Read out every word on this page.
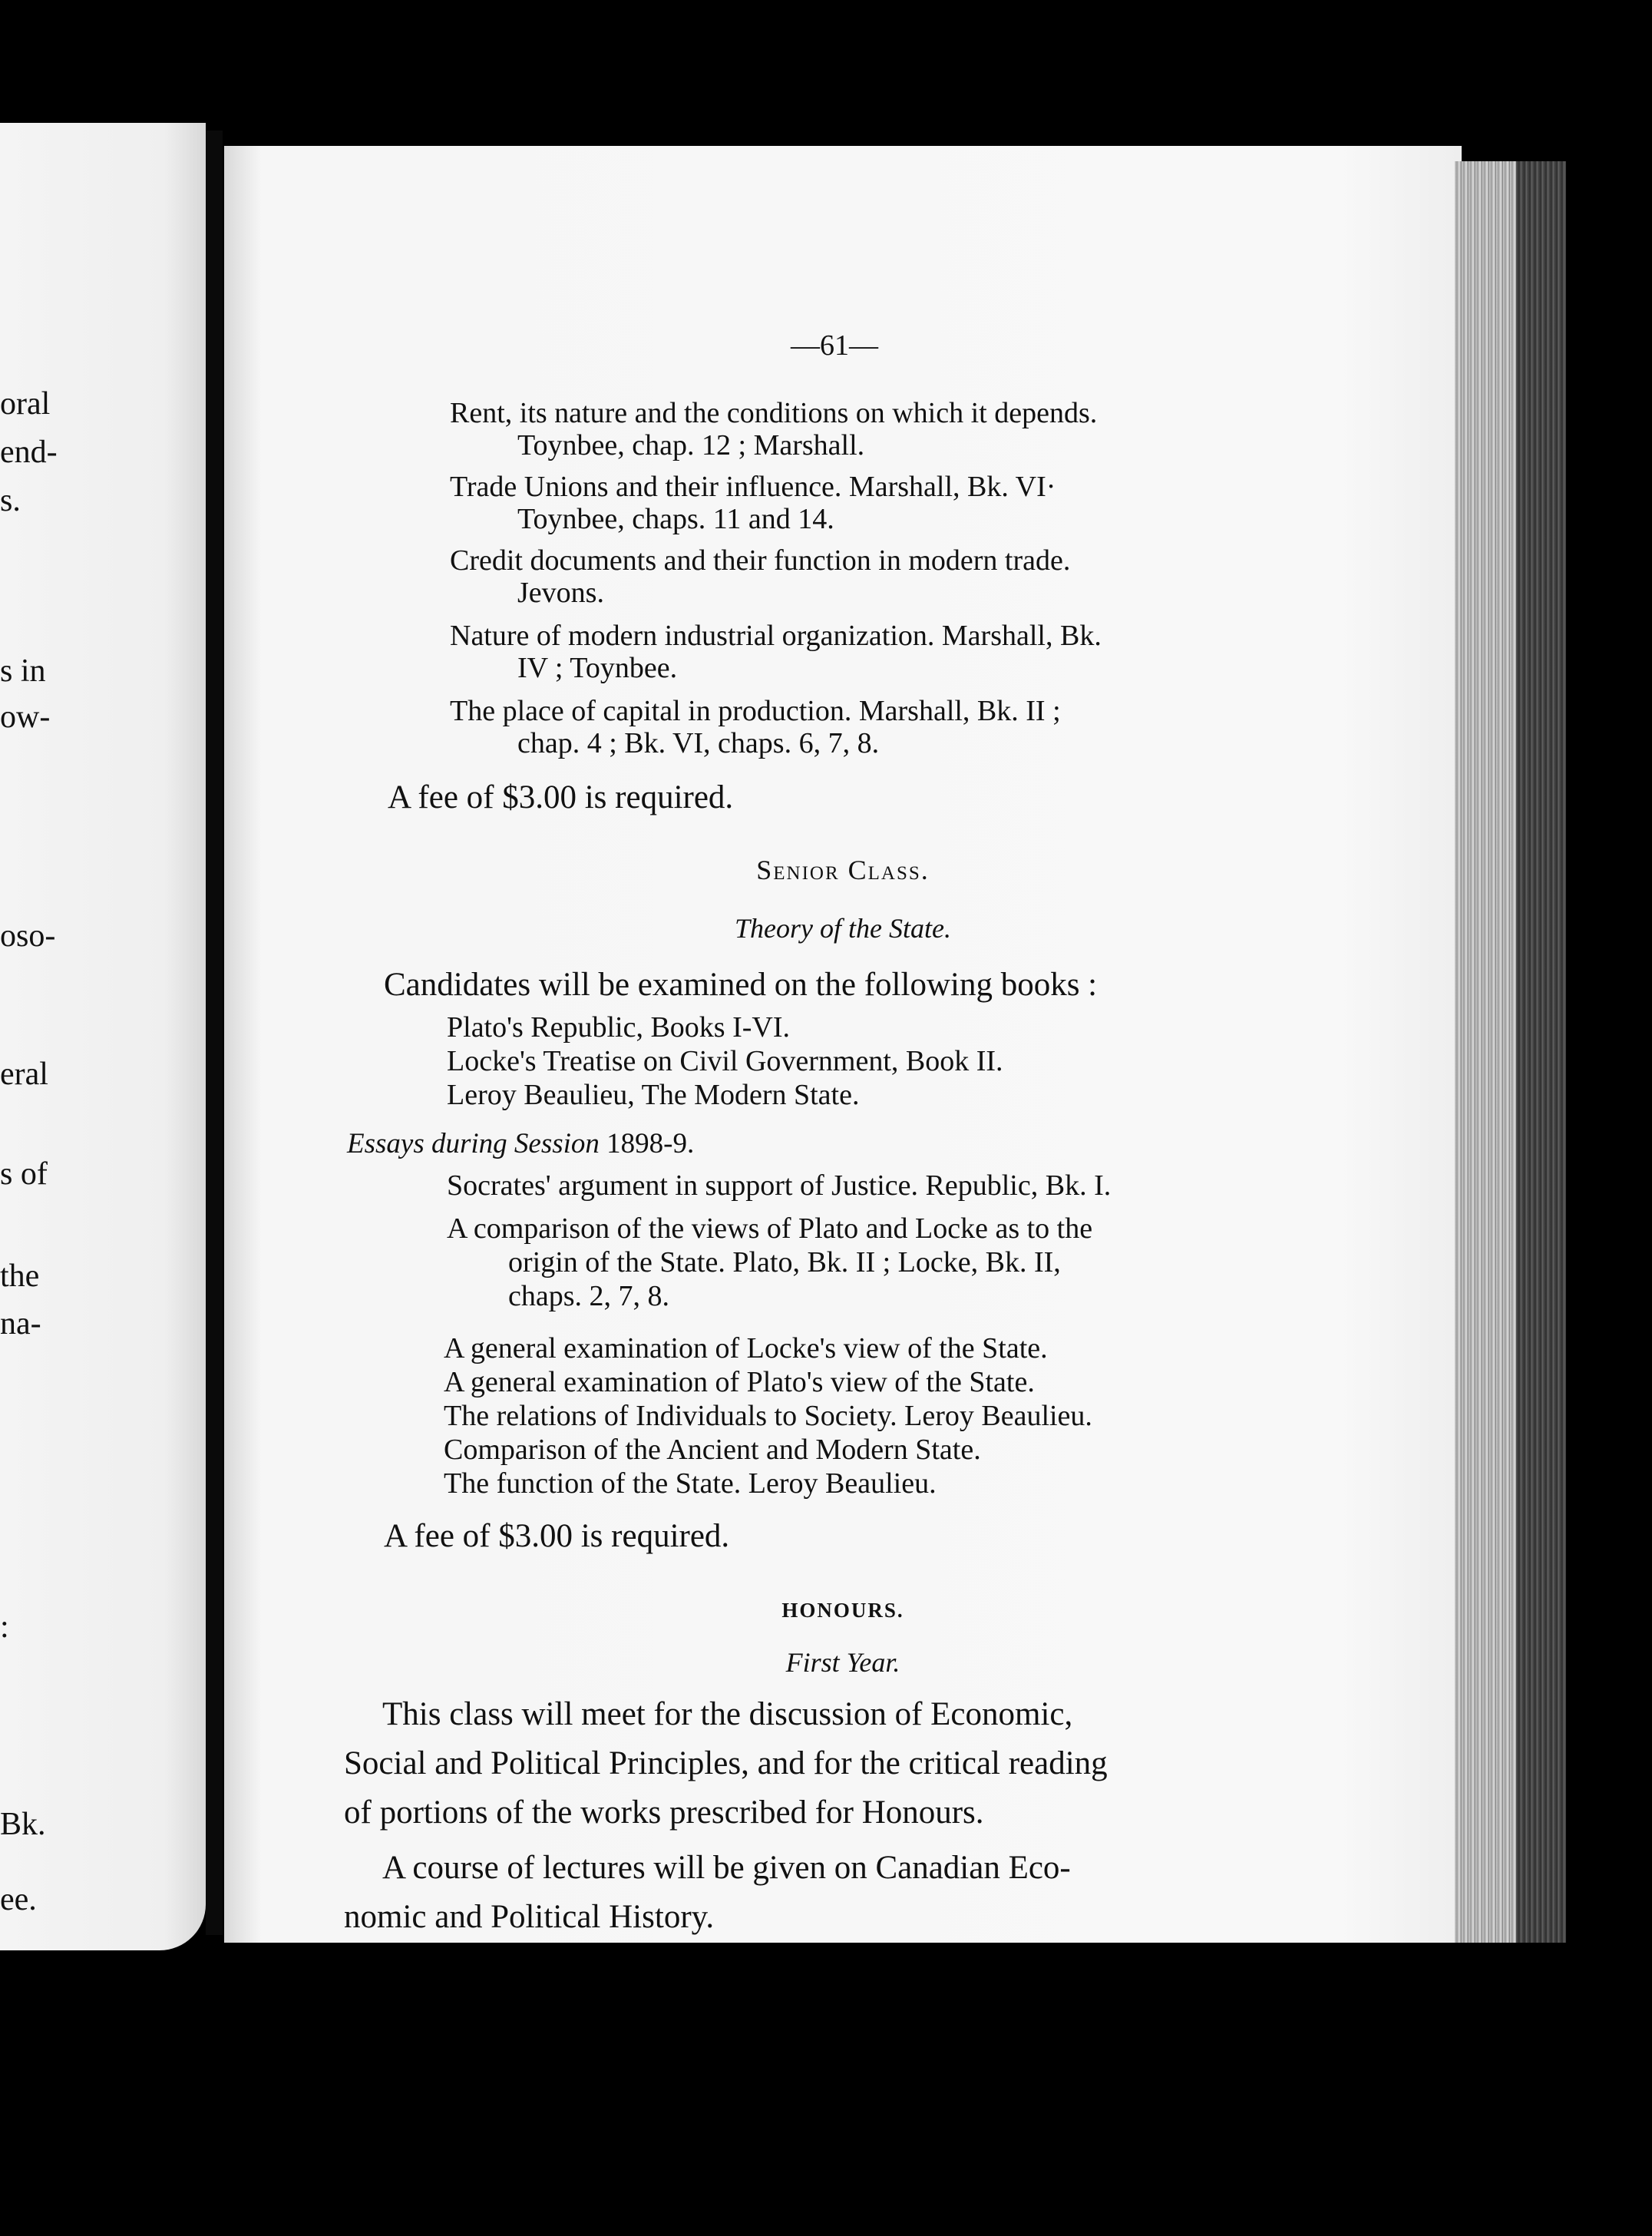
oral
end-
s.
s in
ow-
oso-
eral
s of
the
na-
:
Bk.
ee.
—61—
Rent, its nature and the conditions on which it depends.
Toynbee, chap. 12 ; Marshall.
Trade Unions and their influence. Marshall, Bk. VI·
Toynbee, chaps. 11 and 14.
Credit documents and their function in modern trade.
Jevons.
Nature of modern industrial organization. Marshall, Bk.
IV ; Toynbee.
The place of capital in production. Marshall, Bk. II ;
chap. 4 ; Bk. VI, chaps. 6, 7, 8.
A fee of $3.00 is required.
Senior Class.
Theory of the State.
Candidates will be examined on the following books :
Plato's Republic, Books I-VI.
Locke's Treatise on Civil Government, Book II.
Leroy Beaulieu, The Modern State.
Essays during Session 1898-9.
Socrates' argument in support of Justice. Republic, Bk. I.
A comparison of the views of Plato and Locke as to the
origin of the State. Plato, Bk. II ; Locke, Bk. II,
chaps. 2, 7, 8.
A general examination of Locke's view of the State.
A general examination of Plato's view of the State.
The relations of Individuals to Society. Leroy Beaulieu.
Comparison of the Ancient and Modern State.
The function of the State. Leroy Beaulieu.
A fee of $3.00 is required.
HONOURS.
First Year.
This class will meet for the discussion of Economic,
Social and Political Principles, and for the critical reading
of portions of the works prescribed for Honours.
A course of lectures will be given on Canadian Eco-
nomic and Political History.
